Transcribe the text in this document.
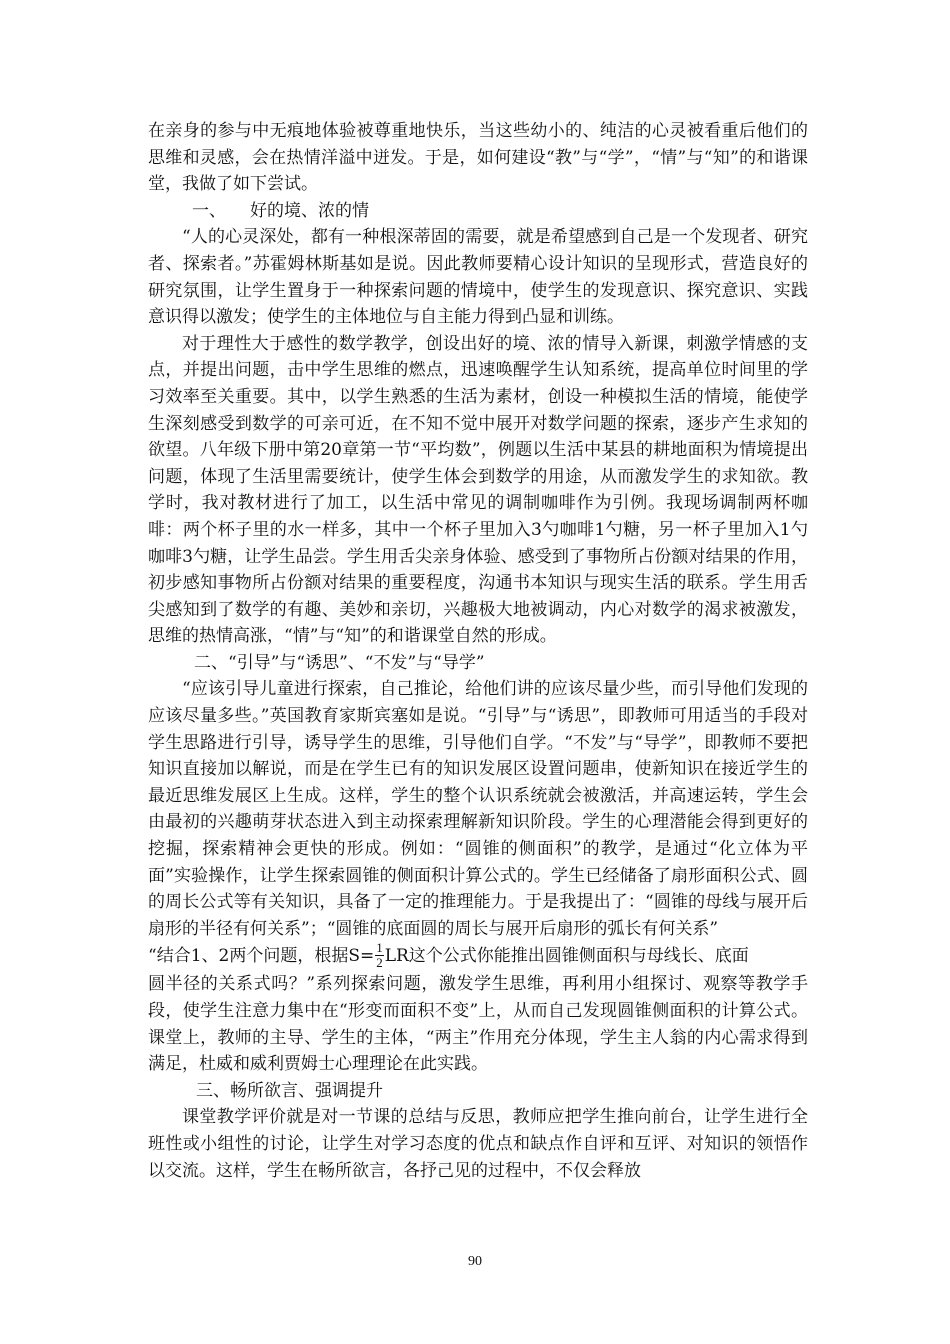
在亲身的参与中无痕地体验被尊重地快乐，当这些幼小的、纯洁的心灵被看重后他们的思维和灵感，会在热情洋溢中迸发。于是，如何建设“教”与“学”，“情”与“知”的和谐课堂，我做了如下尝试。

一、 好的境、浓的情

“人的心灵深处，都有一种根深蒂固的需要，就是希望感到自己是一个发现者、研究者、探索者。”苏霍姆林斯基如是说。因此教师要精心设计知识的呈现形式，营造良好的研究氛围，让学生置身于一种探索问题的情境中，使学生的发现意识、探究意识、实践意识得以激发；使学生的主体地位与自主能力得到凸显和训练。

对于理性大于感性的数学教学，创设出好的境、浓的情导入新课，刺激学情感的支点，并提出问题，击中学生思维的燃点，迅速唤醒学生认知系统，提高单位时间里的学习效率至关重要。其中，以学生熟悉的生活为素材，创设一种模拟生活的情境，能使学生深刻感受到数学的可亲可近，在不知不觉中展开对数学问题的探索，逐步产生求知的欲望。八年级下册中第20章第一节“平均数”，例题以生活中某县的耕地面积为情境提出问题，体现了生活里需要统计，使学生体会到数学的用途，从而激发学生的求知欲。教学时，我对教材进行了加工，以生活中常见的调制咖啡作为引例。我现场调制两杯咖啡：两个杯子里的水一样多，其中一个杯子里加入3勺咖啡1勺糖，另一杯子里加入1勺咖啡3勺糖，让学生品尝。学生用舌尖亲身体验、感受到了事物所占份额对结果的作用，初步感知事物所占份额对结果的重要程度，沟通书本知识与现实生活的联系。学生用舌尖感知到了数学的有趣、美妙和亲切，兴趣极大地被调动，内心对数学的渴求被激发，思维的热情高涨，“情”与“知”的和谐课堂自然的形成。

二、“引导”与“诱思”、“不发”与“导学”

“应该引导儿童进行探索，自己推论，给他们讲的应该尽量少些，而引导他们发现的应该尽量多些。”英国教育家斯宾塞如是说。“引导”与“诱思”，即教师可用适当的手段对学生思路进行引导，诱导学生的思维，引导他们自学。“不发”与“导学”，即教师不要把知识直接加以解说，而是在学生已有的知识发展区设置问题串，使新知识在接近学生的最近思维发展区上生成。这样，学生的整个认识系统就会被激活，并高速运转，学生会由最初的兴趣萌芽状态进入到主动探索理解新知识阶段。学生的心理潜能会得到更好的挖掘，探索精神会更快的形成。例如：“圆锥的侧面积”的教学，是通过“化立体为平面”实验操作，让学生探索圆锥的侧面积计算公式的。学生已经储备了扇形面积公式、圆的周长公式等有关知识，具备了一定的推理能力。于是我提出了：“圆锥的母线与展开后扇形的半径有何关系”；“圆锥的底面圆的周长与展开后扇形的弧长有何关系”

“结合1、2两个问题，根据$S= \frac{1}{2}$ LR这个公式你能推出圆锥侧面积与母线长、底面

圆半径的关系式吗？”系列探索问题，激发学生思维，再利用小组探讨、观察等教学手段，使学生注意力集中在“形变而面积不变”上，从而自己发现圆锥侧面积的计算公式。课堂上，教师的主导、学生的主体，“两主”作用充分体现，学生主人翁的内心需求得到满足，杜威和威利贾姆士心理理论在此实践。

三、畅所欲言、强调提升

课堂教学评价就是对一节课的总结与反思，教师应把学生推向前台，让学生进行全班性或小组性的讨论，让学生对学习态度的优点和缺点作自评和互评、对知识的领悟作以交流。这样，学生在畅所欲言，各抒己见的过程中，不仅会释放

90
